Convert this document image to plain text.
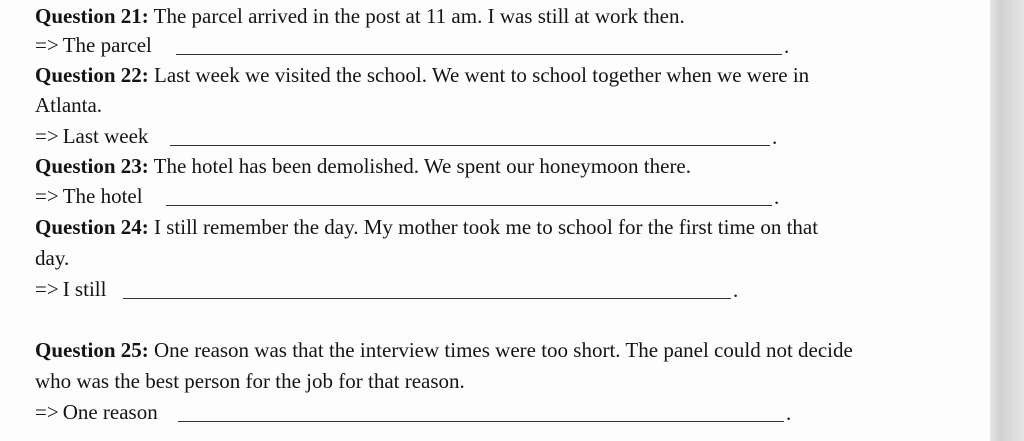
Question 21: The parcel arrived in the post at 11 am. I was still at work then.
=> The parcel	.
Question 22: Last week we visited the school. We went to school together when we were in
Atlanta.
=> Last week	.
Question 23: The hotel has been demolished. We spent our honeymoon there.
=> The hotel	.
Question 24: I still remember the day. My mother took me to school for the first time on that
day.
=> I still	.
Question 25: One reason was that the interview times were too short. The panel could not decide
who was the best person for the job for that reason.
=> One reason	.
